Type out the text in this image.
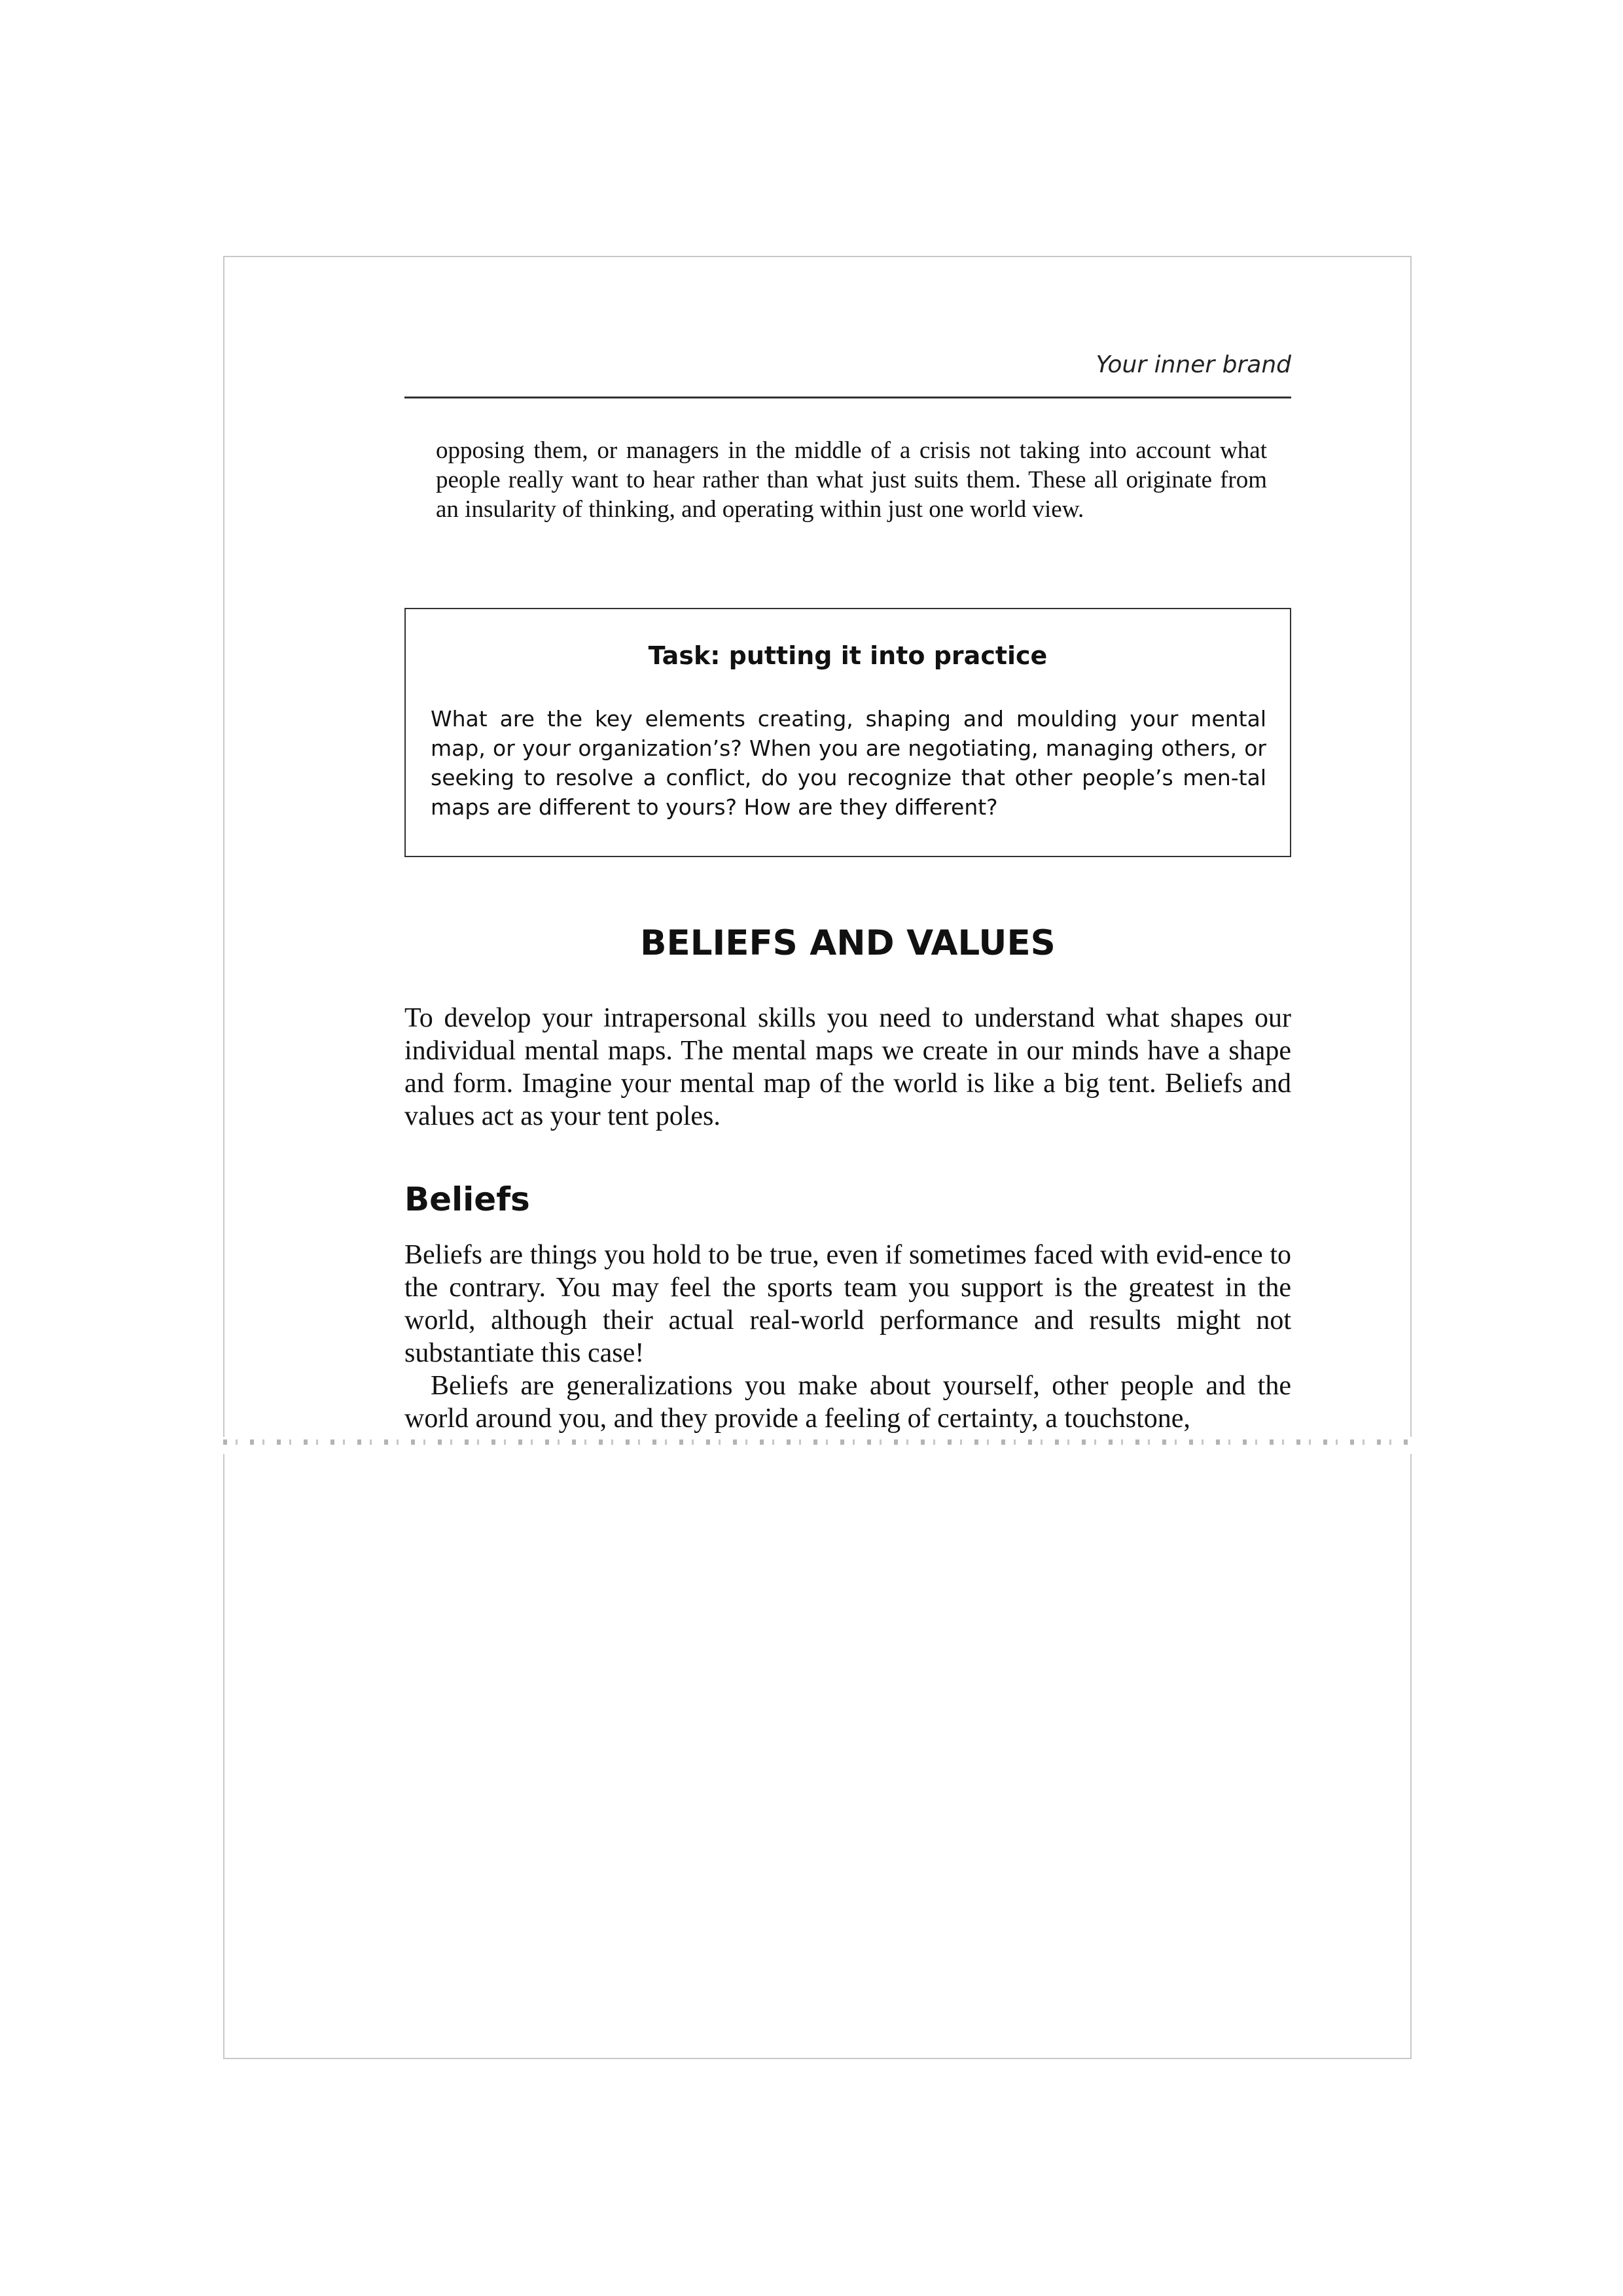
Your inner brand

opposing them, or managers in the middle of a crisis not taking into account what people really want to hear rather than what just suits them. These all originate from an insularity of thinking, and operating within just one world view.

Task: putting it into practice

What are the key elements creating, shaping and moulding your mental map, or your organization’s? When you are negotiating, managing others, or seeking to resolve a conflict, do you recognize that other people’s men-tal maps are different to yours? How are they different?

BELIEFS AND VALUES

To develop your intrapersonal skills you need to understand what shapes our individual mental maps. The mental maps we create in our minds have a shape and form. Imagine your mental map of the world is like a big tent. Beliefs and values act as your tent poles.

Beliefs

Beliefs are things you hold to be true, even if sometimes faced with evid-ence to the contrary. You may feel the sports team you support is the greatest in the world, although their actual real-world performance and results might not substantiate this case!

Beliefs are generalizations you make about yourself, other people and the world around you, and they provide a feeling of certainty, a touchstone,
